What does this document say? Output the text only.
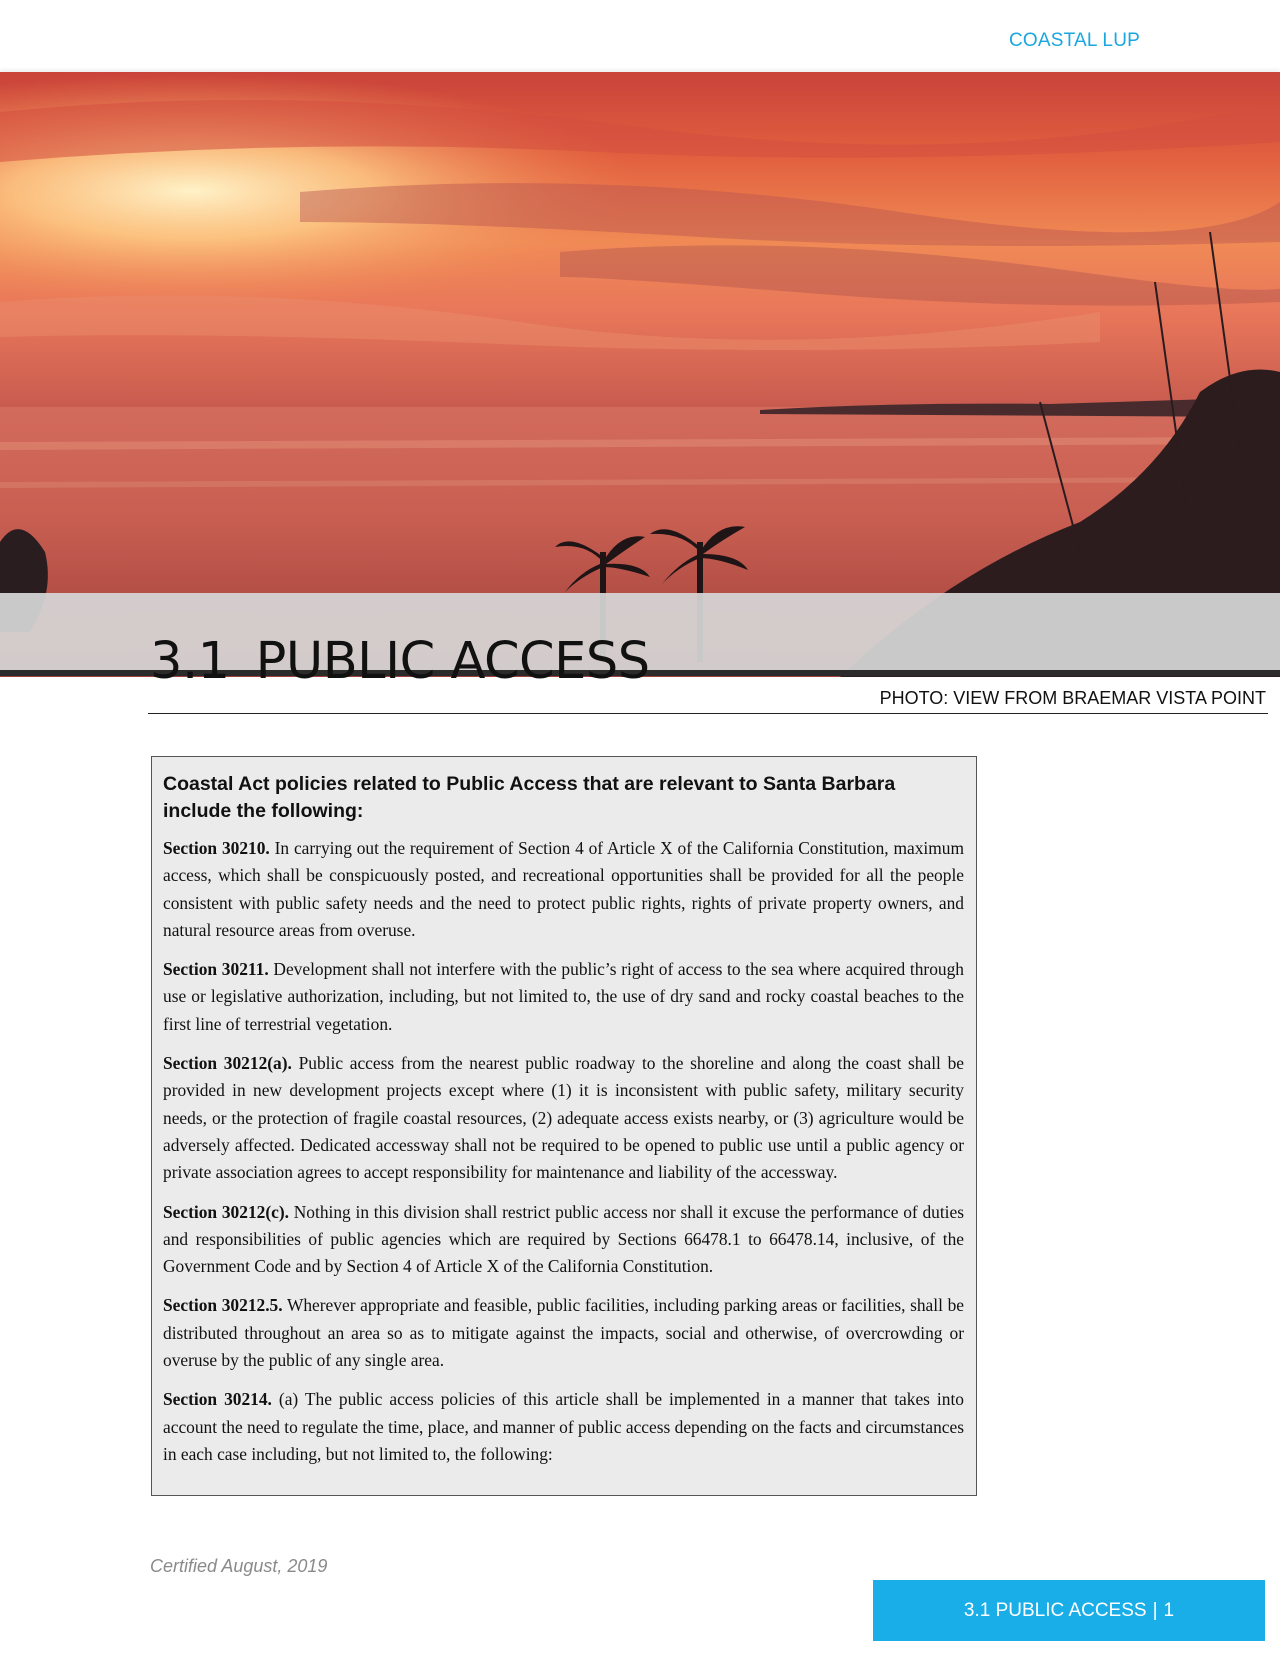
COASTAL LUP
3.1 PUBLIC ACCESS
PHOTO: VIEW FROM BRAEMAR VISTA POINT

Coastal Act policies related to Public Access that are relevant to Santa Barbara include the following:

Section 30210. In carrying out the requirement of Section 4 of Article X of the California Constitution, maximum access, which shall be conspicuously posted, and recreational opportunities shall be provided for all the people consistent with public safety needs and the need to protect public rights, rights of private property owners, and natural resource areas from overuse.

Section 30211. Development shall not interfere with the public’s right of access to the sea where acquired through use or legislative authorization, including, but not limited to, the use of dry sand and rocky coastal beaches to the first line of terrestrial vegetation.

Section 30212(a). Public access from the nearest public roadway to the shoreline and along the coast shall be provided in new development projects except where (1) it is inconsistent with public safety, military security needs, or the protection of fragile coastal resources, (2) adequate access exists nearby, or (3) agriculture would be adversely affected. Dedicated accessway shall not be required to be opened to public use until a public agency or private association agrees to accept responsibility for maintenance and liability of the accessway.

Section 30212(c). Nothing in this division shall restrict public access nor shall it excuse the performance of duties and responsibilities of public agencies which are required by Sections 66478.1 to 66478.14, inclusive, of the Government Code and by Section 4 of Article X of the California Constitution.

Section 30212.5. Wherever appropriate and feasible, public facilities, including parking areas or facilities, shall be distributed throughout an area so as to mitigate against the impacts, social and otherwise, of overcrowding or overuse by the public of any single area.

Section 30214. (a) The public access policies of this article shall be implemented in a manner that takes into account the need to regulate the time, place, and manner of public access depending on the facts and circumstances in each case including, but not limited to, the following:

Certified August, 2019
3.1 PUBLIC ACCESS | 1
